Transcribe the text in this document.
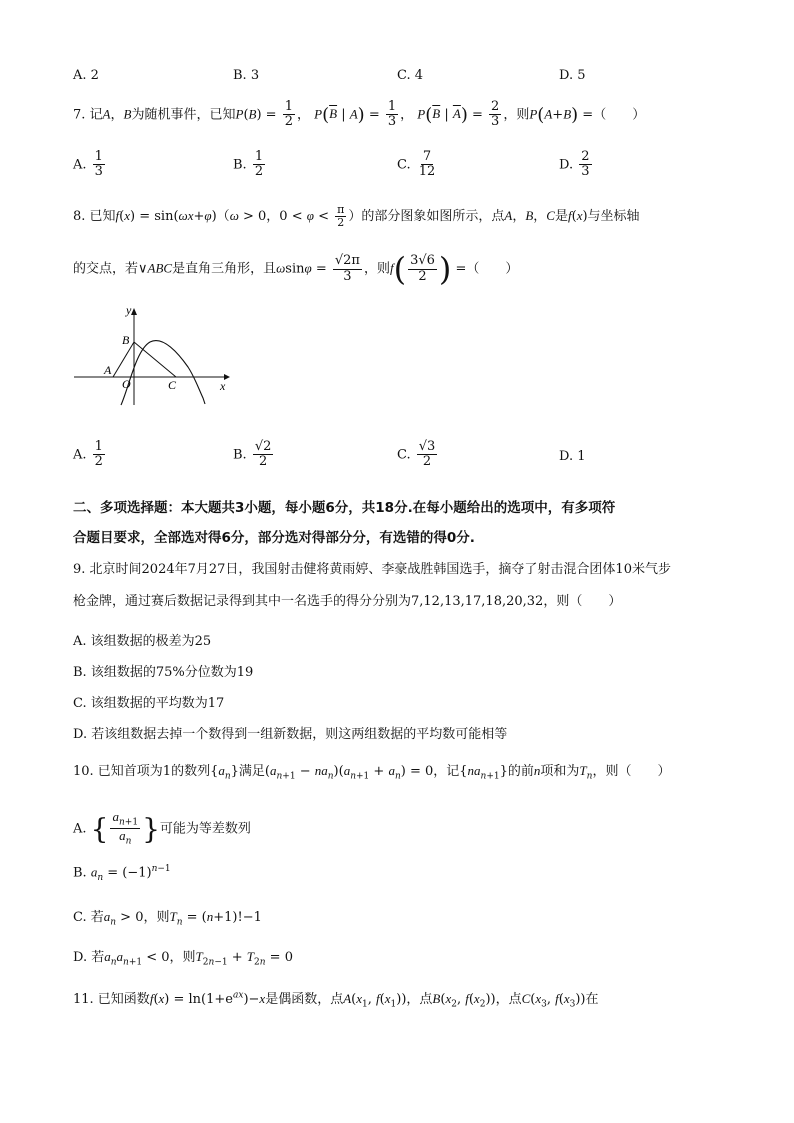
A. 2	B. 3	C. 4	D. 5
7. 记A，B为随机事件，已知$P(B) = \frac{1}{2}$ ， $P(\overline{B}$ | $A) = \frac{1}{3}$ ， $P(\overline{B}$ | $\overline{A}) = \frac{2}{3}$ ，则P(A+B) =（　　）
A. $\frac{1}{3}$	B. $\frac{1}{2}$	C. $\frac{7}{12}$	D. $\frac{2}{3}$
8. 已知f(x) = sin(ωx+φ)（ω > 0，$0 < \varphi < \frac{\pi}{2}$ ）的部分图象如图所示，点A，B，C是f(x)与坐标轴
的交点，若∨ABC是直角三角形，且$\omega\sin\varphi = \frac{√2\pi}{3}$ ，则$f( \frac{3√6}{2}$ ) =（　　）
y
x
O
A
B
C
A. $\frac{1}{2}$	B. $\frac{√2}{2}$	C. $\frac{√3}{2}$	D. 1
二、多项选择题：本大题共3小题，每小题6分，共18分.在每小题给出的选项中，有多项符
合题目要求，全部选对得6分，部分选对得部分分，有选错的得0分.
9. 北京时间2024年7月27日，我国射击健将黄雨婷、李豪战胜韩国选手，摘夺了射击混合团体10米气步
枪金牌，通过赛后数据记录得到其中一名选手的得分分别为7,12,13,17,18,20,32，则（　　）
A. 该组数据的极差为25
B. 该组数据的75%分位数为19
C. 该组数据的平均数为17
D. 若该组数据去掉一个数得到一组新数据，则这两组数据的平均数可能相等
10. 已知首项为1的数列$\{a_n\}$满足$(a_{n+1} - na_n)(a_{n+1} + a_n) = 0$，记$\{na_{n+1}\}$的前n项和为$T_n$，则（　　）
A. { $\frac{a_{n+1}}{a_n}$ }可能为等差数列
B. $a_n = (-1)^{n-1}$
C. 若$a_n > 0$，则$T_n = (n+1)!-1$
D. 若$a_na_{n+1} < 0$，则$T_{2n-1} + T_{2n} = 0$
11. 已知函数$f(x) = \ln(1+e^{ax})-x$是偶函数，点$A(x_1$, $f(x_1)$)，点$B(x_2$, $f(x_2)$)，点$C(x_3$, $f(x_3)$)在
